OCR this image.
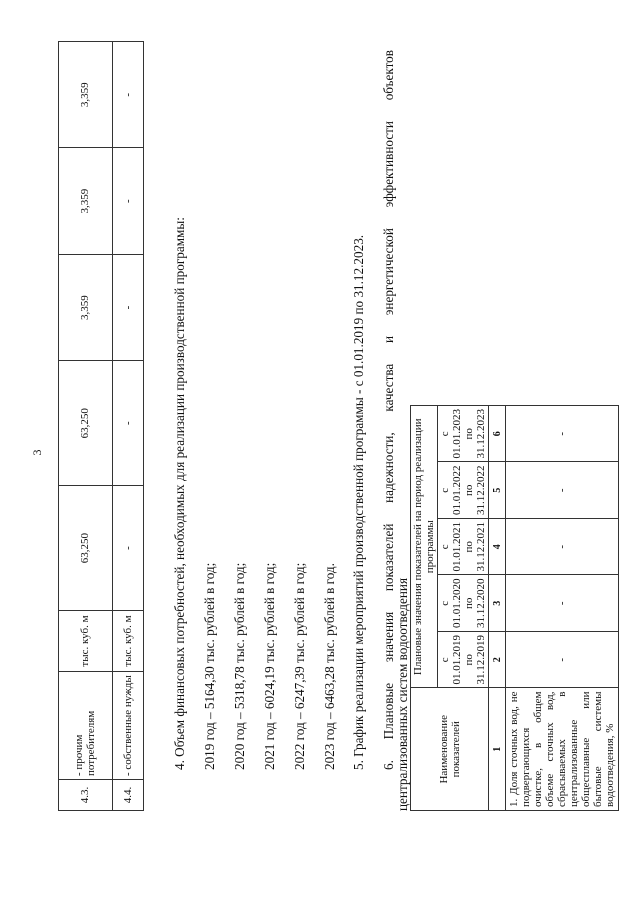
3
4.3.	- прочим потребителям	тыс. куб. м	63,250	63,250	3,359	3,359	3,359
4.4.	- собственные нужды	тыс. куб. м	-	-	-	-	-
4. Объем финансовых потребностей, необходимых для реализации производственной программы: 2019 год – 5164,30 тыс. рублей в год; 2020 год – 5318,78 тыс. рублей в год; 2021 год – 6024,19 тыс. рублей в год; 2022 год – 6247,39 тыс. рублей в год; 2023 год – 6463,28 тыс. рублей в год. 5. График реализации мероприятий производственной программы - с 01.01.2019 по 31.12.2023. 6. Плановые значения показателей надежности, качества и энергетической эффективности объектов централизованных систем водоотведения	Наименование показателей	Плановые значения показателей на период реализации программы				
	с 01.01.2019 по 31.12.2019	с 01.01.2020 по 31.12.2020	с 01.01.2021 по 31.12.2021	с 01.01.2022 по 31.12.2022	с 01.01.2023 по 31.12.2023
1	2	3	4	5	6
1. Доля сточных вод, не подвергающихся очистке, в общем объеме сточных вод, сбрасываемых в централизованные общесплавные или бытовые системы водоотведения, %	-	-	-	-	-
